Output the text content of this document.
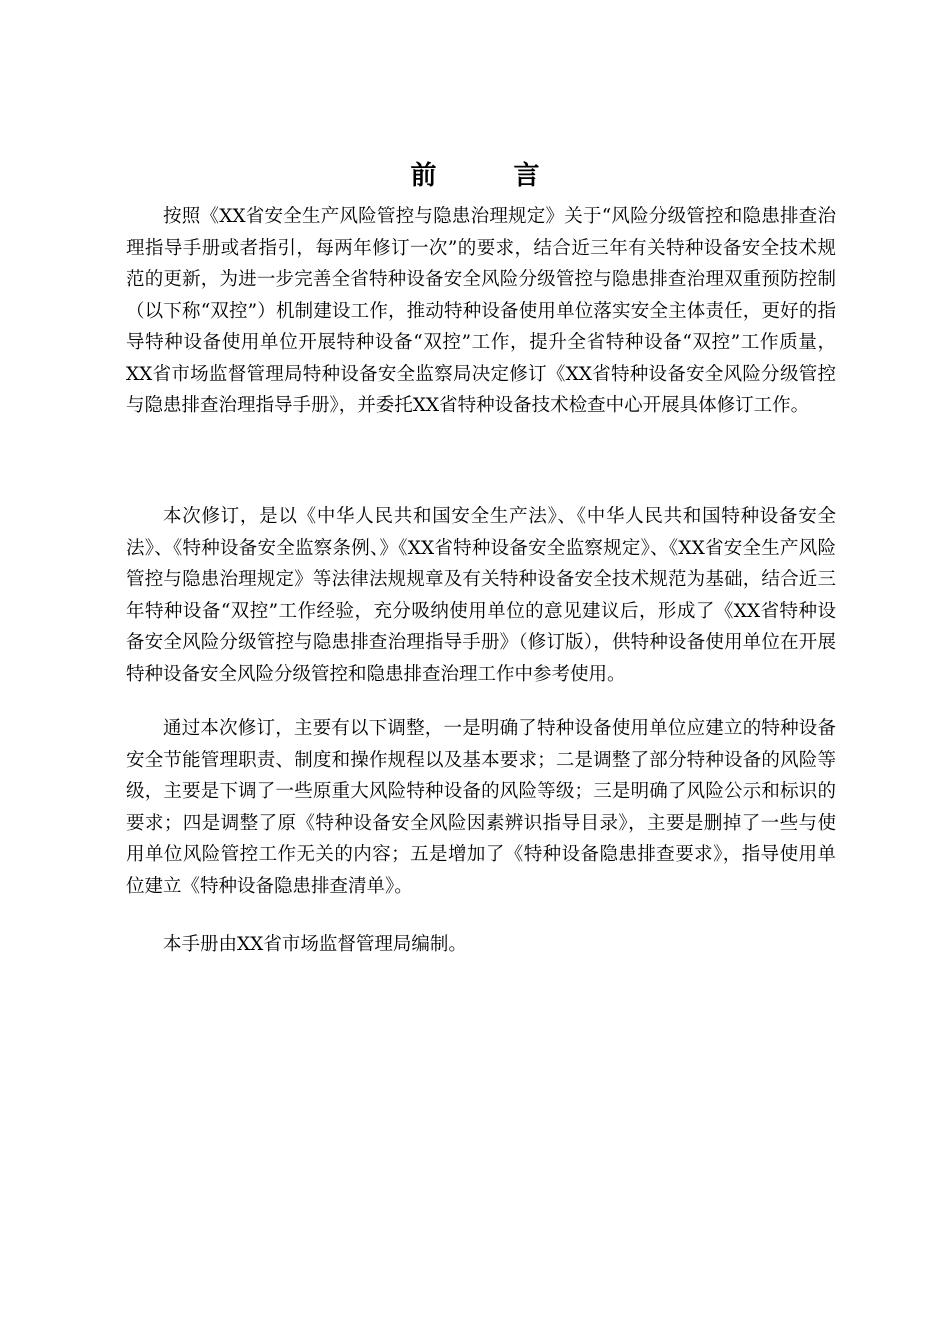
前 言

按照《XX省安全生产风险管控与隐患治理规定》关于“风险分级管控和隐患排查治理指导手册或者指引，每两年修订一次”的要求，结合近三年有关特种设备安全技术规范的更新，为进一步完善全省特种设备安全风险分级管控与隐患排查治理双重预防控制（以下称“双控”）机制建设工作，推动特种设备使用单位落实安全主体责任，更好的指导特种设备使用单位开展特种设备“双控”工作，提升全省特种设备“双控”工作质量，XX省市场监督管理局特种设备安全监察局决定修订《XX省特种设备安全风险分级管控与隐患排查治理指导手册》，并委托XX省特种设备技术检查中心开展具体修订工作。

本次修订，是以《中华人民共和国安全生产法》、《中华人民共和国特种设备安全法》、《特种设备安全监察条例、》《XX省特种设备安全监察规定》、《XX省安全生产风险管控与隐患治理规定》等法律法规规章及有关特种设备安全技术规范为基础，结合近三年特种设备“双控”工作经验，充分吸纳使用单位的意见建议后，形成了《XX省特种设备安全风险分级管控与隐患排查治理指导手册》（修订版），供特种设备使用单位在开展特种设备安全风险分级管控和隐患排查治理工作中参考使用。

通过本次修订，主要有以下调整，一是明确了特种设备使用单位应建立的特种设备安全节能管理职责、制度和操作规程以及基本要求；二是调整了部分特种设备的风险等级，主要是下调了一些原重大风险特种设备的风险等级；三是明确了风险公示和标识的要求；四是调整了原《特种设备安全风险因素辨识指导目录》，主要是删掉了一些与使用单位风险管控工作无关的内容；五是增加了《特种设备隐患排查要求》，指导使用单位建立《特种设备隐患排查清单》。

本手册由XX省市场监督管理局编制。
